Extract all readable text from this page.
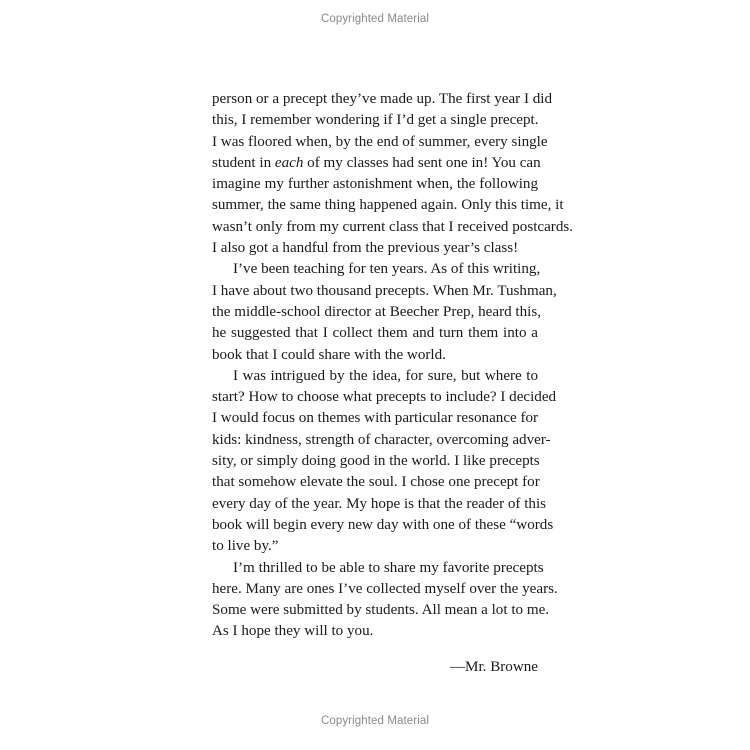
Copyrighted Material
person or a precept they’ve made up. The first year I did
this, I remember wondering if I’d get a single precept.
I was floored when, by the end of summer, every single
student in each of my classes had sent one in! You can
imagine my further astonishment when, the following
summer, the same thing happened again. Only this time, it
wasn’t only from my current class that I received postcards.
I also got a handful from the previous year’s class!
I’ve been teaching for ten years. As of this writing,
I have about two thousand precepts. When Mr. Tushman,
the middle-school director at Beecher Prep, heard this,
he suggested that I collect them and turn them into a
book that I could share with the world.
I was intrigued by the idea, for sure, but where to
start? How to choose what precepts to include? I decided
I would focus on themes with particular resonance for
kids: kindness, strength of character, overcoming adver-
sity, or simply doing good in the world. I like precepts
that somehow elevate the soul. I chose one precept for
every day of the year. My hope is that the reader of this
book will begin every new day with one of these “words
to live by.”
I’m thrilled to be able to share my favorite precepts
here. Many are ones I’ve collected myself over the years.
Some were submitted by students. All mean a lot to me.
As I hope they will to you.
—Mr. Browne
Copyrighted Material
